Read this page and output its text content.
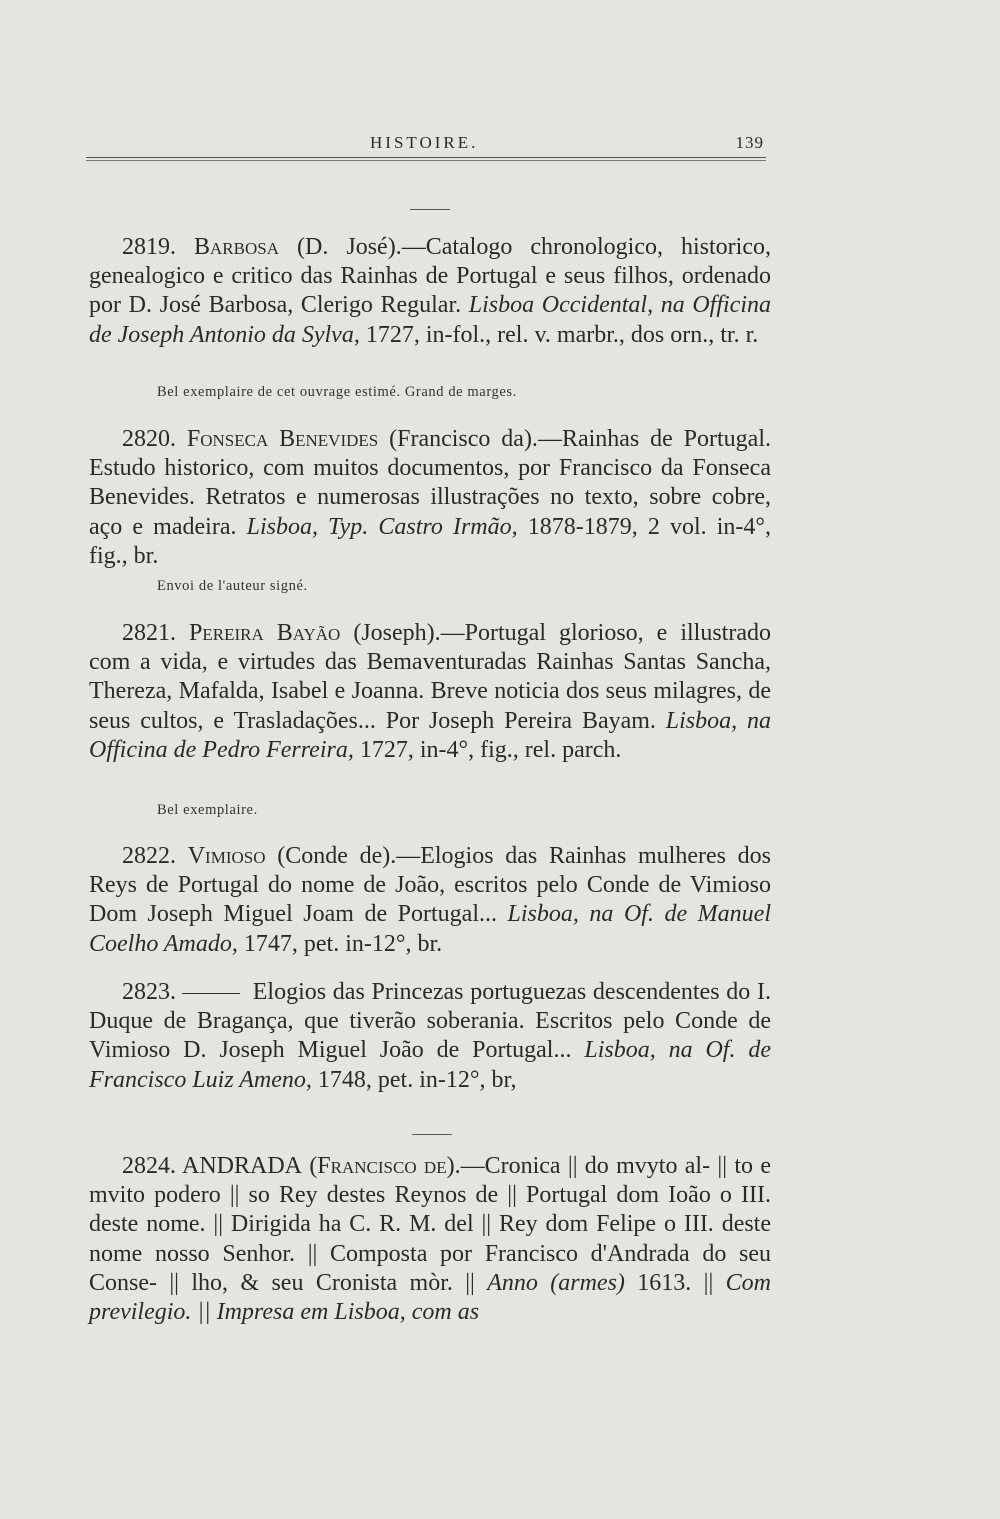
HISTOIRE.	139

2819. Barbosa (D. José).—Catalogo chronologico, historico, genealogico e critico das Rainhas de Portugal e seus filhos, ordenado por D. José Barbosa, Clerigo Regular. Lisboa Occidental, na Officina de Joseph Antonio da Sylva, 1727, in-fol., rel. v. marbr., dos orn., tr. r.

Bel exemplaire de cet ouvrage estimé. Grand de marges.

2820. Fonseca Benevides (Francisco da).—Rainhas de Portugal. Estudo historico, com muitos documentos, por Francisco da Fonseca Benevides. Retratos e numerosas illustrações no texto, sobre cobre, aço e madeira. Lisboa, Typ. Castro Irmão, 1878-1879, 2 vol. in-4°, fig., br.

Envoi de l'auteur signé.

2821. Pereira Bayão (Joseph).—Portugal glorioso, e illustrado com a vida, e virtudes das Bemaventuradas Rainhas Santas Sancha, Thereza, Mafalda, Isabel e Joanna. Breve noticia dos seus milagres, de seus cultos, e Trasladações... Por Joseph Pereira Bayam. Lisboa, na Officina de Pedro Ferreira, 1727, in-4°, fig., rel. parch.

Bel exemplaire.

2822. Vimioso (Conde de).—Elogios das Rainhas mulheres dos Reys de Portugal do nome de João, escritos pelo Conde de Vimioso Dom Joseph Miguel Joam de Portugal... Lisboa, na Of. de Manuel Coelho Amado, 1747, pet. in-12°, br.

2823.	Elogios das Princezas portuguezas descendentes do I. Duque de Bragança, que tiverão soberania. Escritos pelo Conde de Vimioso D. Joseph Miguel João de Portugal... Lisboa, na Of. de Francisco Luiz Ameno, 1748, pet. in-12°, br,

2824. ANDRADA (Francisco de).—Cronica || do mvyto al- || to e mvito podero || so Rey destes Reynos de || Portugal dom Ioão o III. deste nome. || Dirigida ha C. R. M. del || Rey dom Felipe o III. deste nome nosso Senhor. || Composta por Francisco d'Andrada do seu Conse- || lho, & seu Cronista mòr. || Anno (armes) 1613. || Com previlegio. || Impresa em Lisboa, com as
